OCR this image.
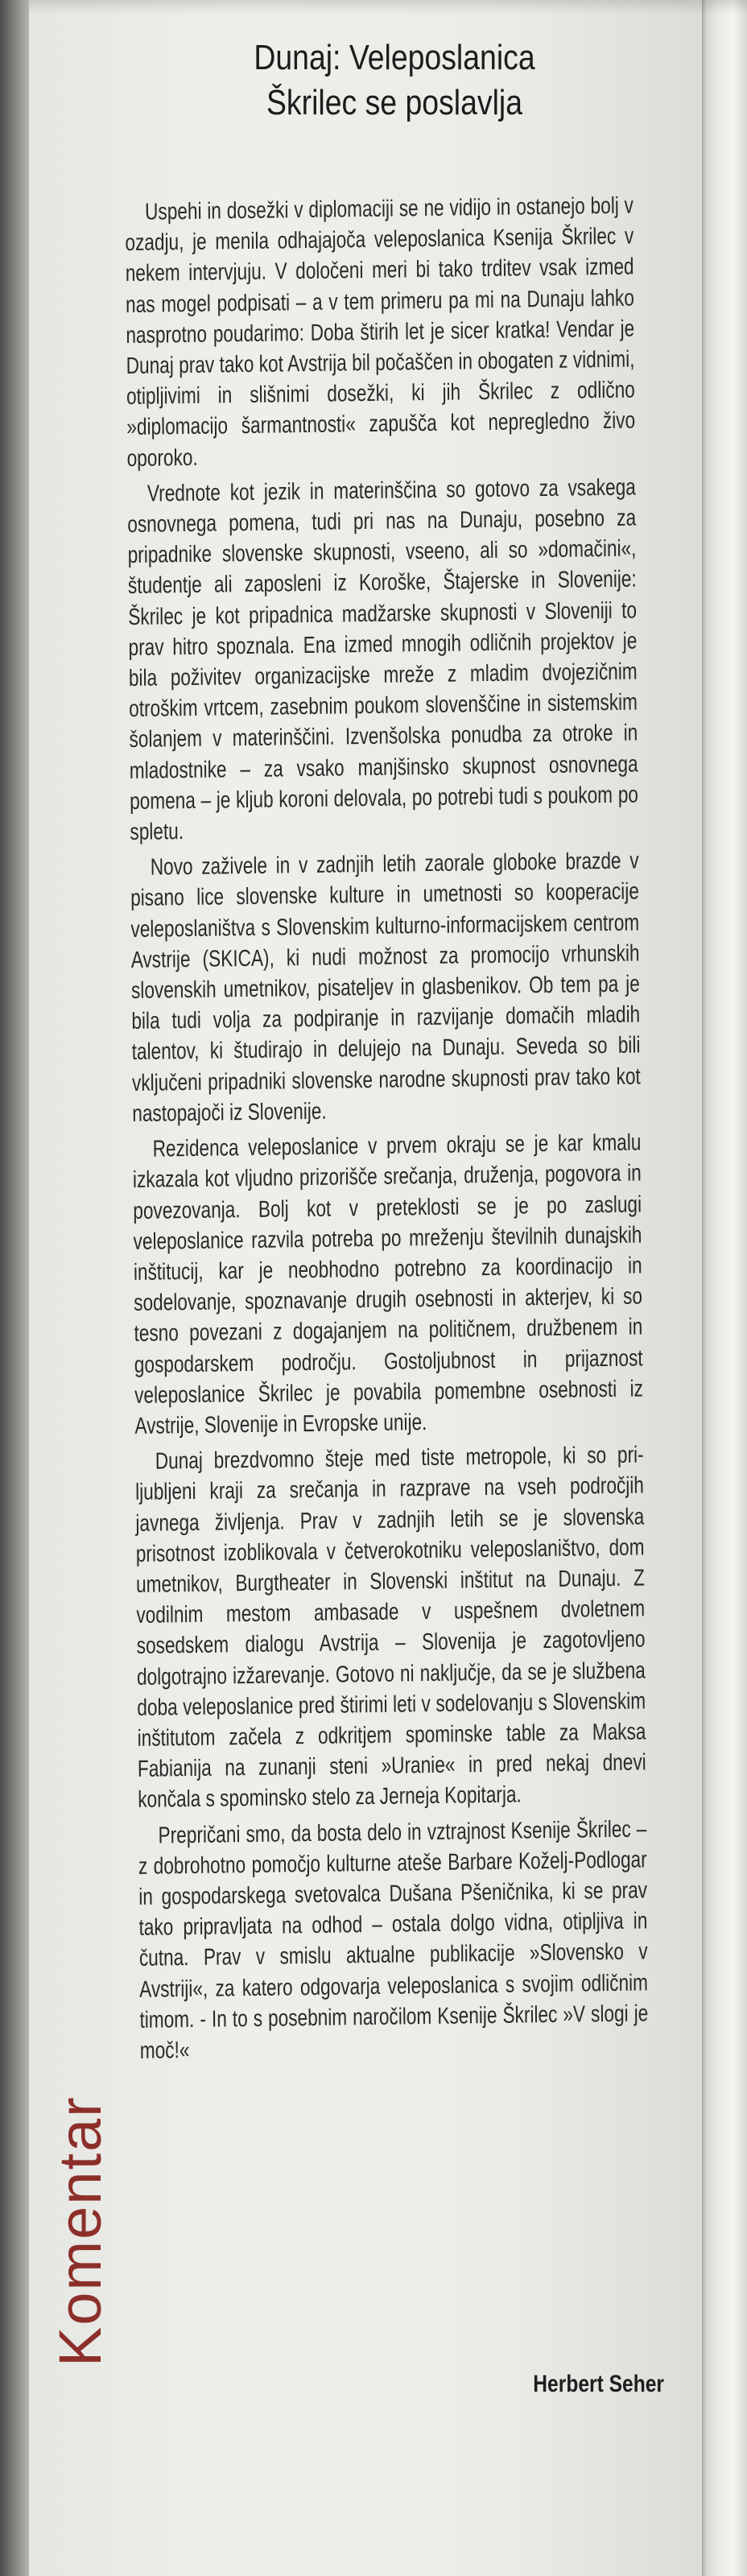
Dunaj: Veleposlanica
Škrilec se poslavlja

Uspehi in dosežki v diplomaciji se ne vidijo in ostanejo bolj v ozadju, je menila odhajajoča veleposlanica Ksenija Škrilec v nekem intervjuju. V določeni meri bi tako trditev vsak izmed nas mogel podpisati – a v tem primeru pa mi na Dunaju lahko nasprotno poudarimo: Doba štirih let je sicer kratka! Vendar je Dunaj prav tako kot Avstrija bil počaščen in obogaten z vidnimi, otipljivimi in slišnimi dosežki, ki jih Škrilec z odlično »diplomacijo šarmantnosti« zapušča kot nepregledno živo oporoko.

Vrednote kot jezik in materinščina so gotovo za vsakega osnovnega pomena, tudi pri nas na Dunaju, posebno za pripadnike slovenske skupnosti, vseeno, ali so »domačini«, študentje ali zaposleni iz Koroške, Štajerske in Slovenije: Škrilec je kot pripadnica madžarske skupnosti v Sloveniji to prav hitro spoznala. Ena izmed mnogih odličnih projektov je bila poživitev organizacijske mreže z mladim dvojezičnim otroškim vrtcem, zasebnim poukom slovenščine in sistemskim šolanjem v materinščini. Izvenšolska ponudba za otroke in mladostnike – za vsako manjšinsko skupnost osnovnega pomena – je kljub koroni delovala, po potrebi tudi s poukom po spletu.

Novo zaživele in v zadnjih letih zaorale globoke brazde v pisano lice slovenske kulture in umetnosti so kooperacije veleposlaništva s Slovenskim kulturno-informacijskem centrom Avstrije (SKICA), ki nudi možnost za promocijo vrhunskih slovenskih umetnikov, pisateljev in glasbenikov. Ob tem pa je bila tudi volja za podpiranje in razvijanje domačih mladih talentov, ki študirajo in delujejo na Dunaju. Seveda so bili vključeni pripadniki slovenske narodne skupnosti prav tako kot nastopajoči iz Slovenije.

Rezidenca veleposlanice v prvem okraju se je kar kmalu izkazala kot vljudno prizorišče srečanja, druženja, pogovora in povezovanja. Bolj kot v preteklosti se je po zaslugi veleposlanice razvila potreba po mreženju številnih dunajskih inštitucij, kar je neobhodno potrebno za koordinacijo in sodelovanje, spoznavanje drugih osebnosti in akterjev, ki so tesno povezani z dogajanjem na političnem, družbenem in gospodarskem področju. Gostoljubnost in prijaznost veleposlanice Škrilec je povabila pomembne osebnosti iz Avstrije, Slovenije in Evropske unije.

Dunaj brezdvomno šteje med tiste metropole, ki so priljubljeni kraji za srečanja in razprave na vseh področjih javnega življenja. Prav v zadnjih letih se je slovenska prisotnost izoblikovala v četverokotniku veleposlaništvo, dom umetnikov, Burgtheater in Slovenski inštitut na Dunaju. Z vodilnim mestom ambasade v uspešnem dvoletnem sosedskem dialogu Avstrija – Slovenija je zagotovljeno dolgotrajno izžarevanje. Gotovo ni naključje, da se je službena doba veleposlanice pred štirimi leti v sodelovanju s Slovenskim inštitutom začela z odkritjem spominske table za Maksa Fabianija na zunanji steni »Uranie« in pred nekaj dnevi končala s spominsko stelo za Jerneja Kopitarja.

Prepričani smo, da bosta delo in vztrajnost Ksenije Škrilec – z dobrohotno pomočjo kulturne ateše Barbare Koželj-Podlogar in gospodarskega svetovalca Dušana Pšeničnika, ki se prav tako pripravljata na odhod – ostala dolgo vidna, otipljiva in čutna. Prav v smislu aktualne publikacije »Slovensko v Avstriji«, za katero odgovarja veleposlanica s svojim odličnim timom. - In to s posebnim naročilom Ksenije Škrilec »V slogi je moč!«

Herbert Seher
Komentar
